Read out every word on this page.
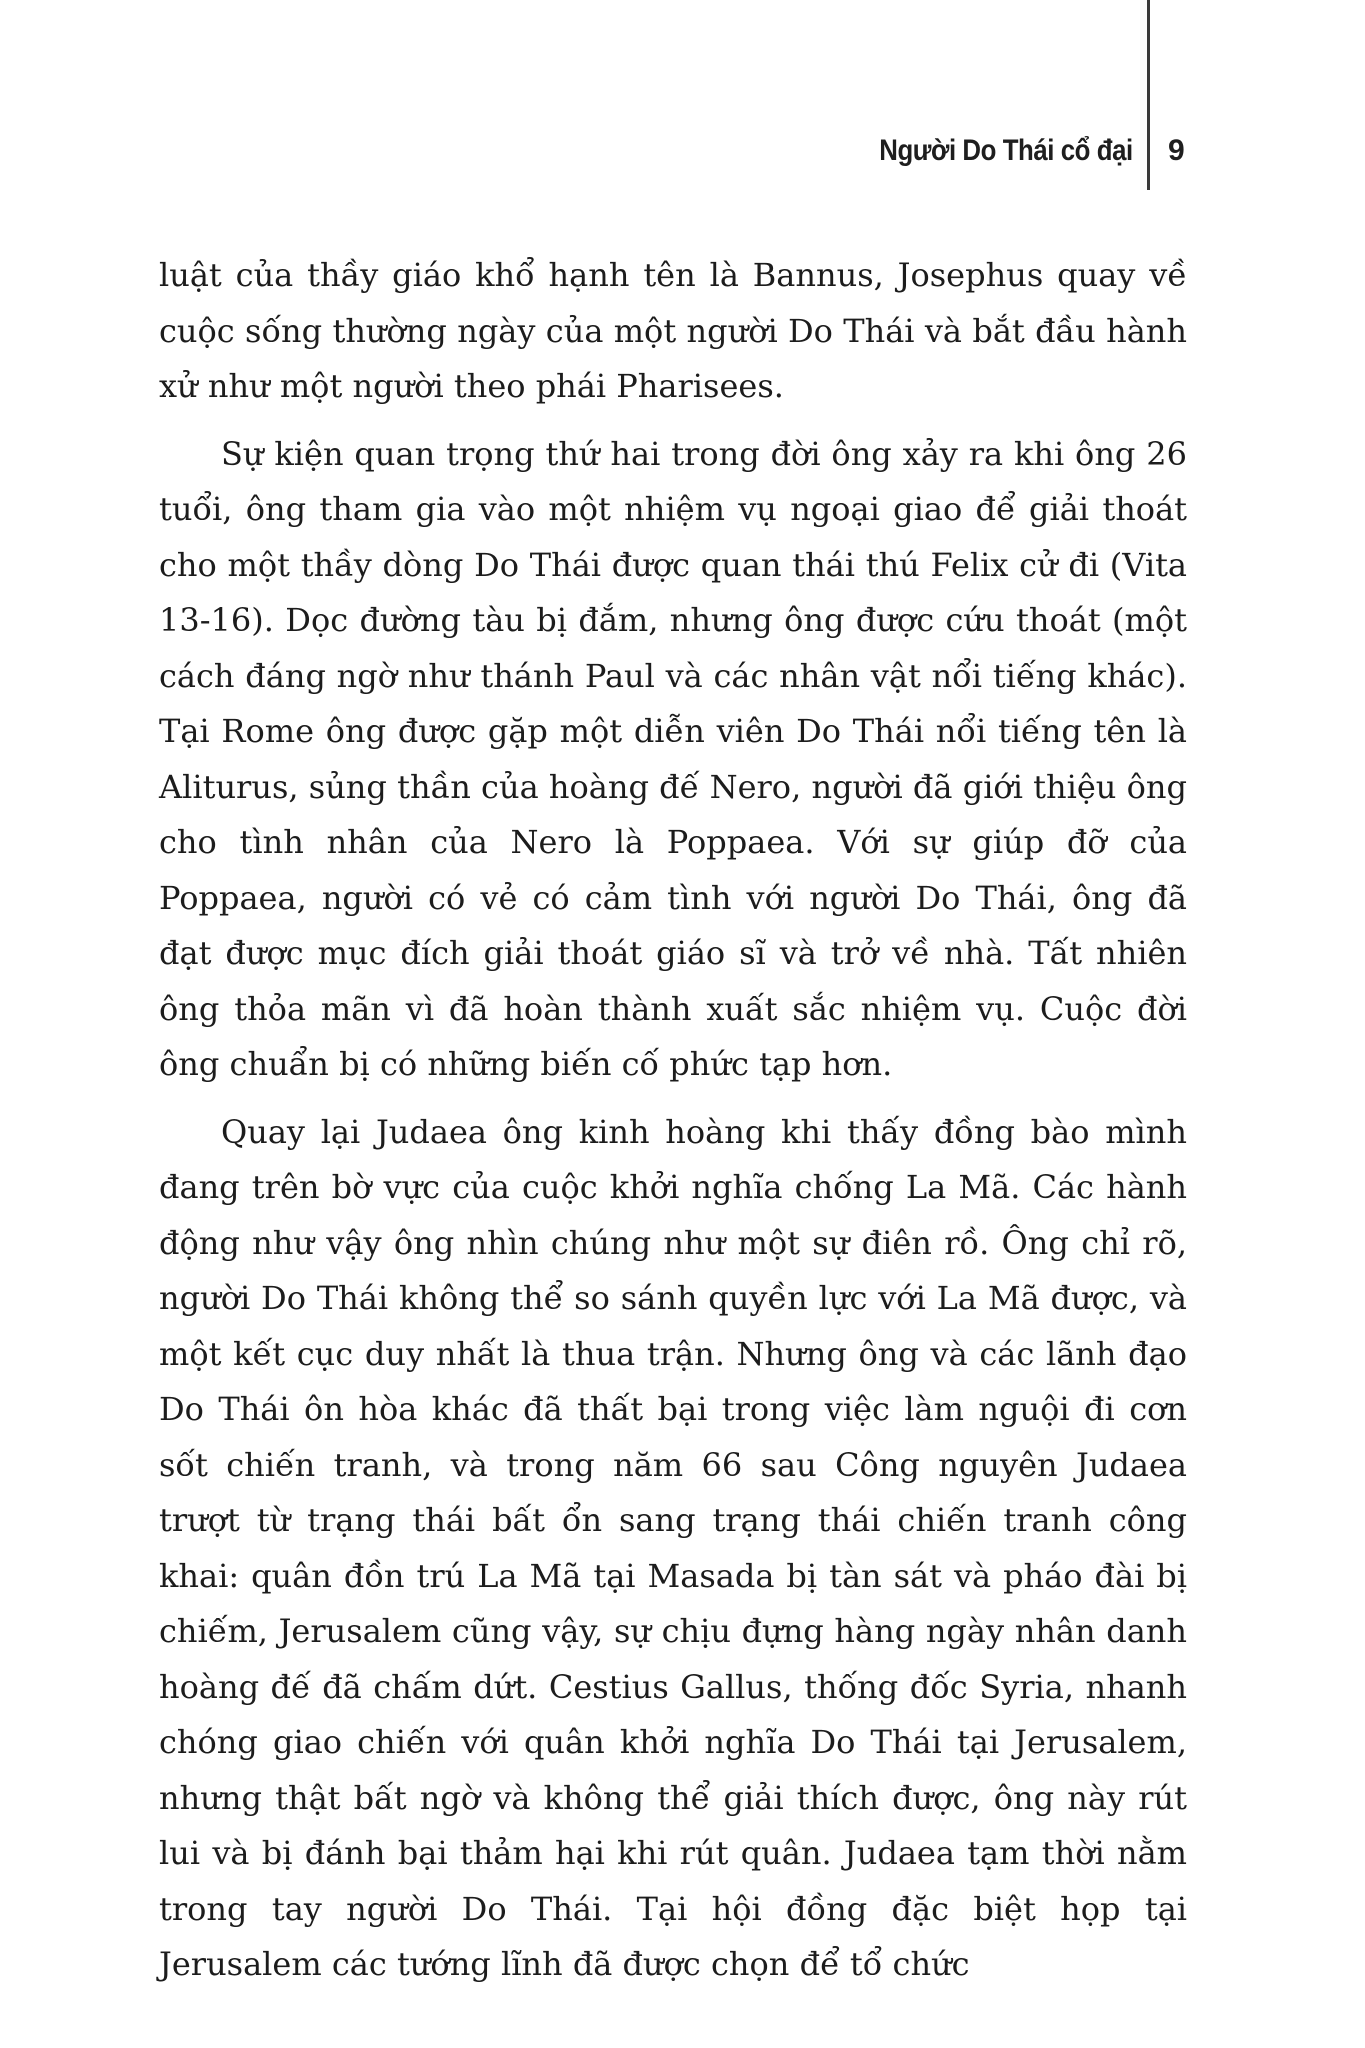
Người Do Thái cổ đại 9

luật của thầy giáo khổ hạnh tên là Bannus, Josephus quay về cuộc sống thường ngày của một người Do Thái và bắt đầu hành xử như một người theo phái Pharisees.

Sự kiện quan trọng thứ hai trong đời ông xảy ra khi ông 26 tuổi, ông tham gia vào một nhiệm vụ ngoại giao để giải thoát cho một thầy dòng Do Thái được quan thái thú Felix cử đi (Vita 13-16). Dọc đường tàu bị đắm, nhưng ông được cứu thoát (một cách đáng ngờ như thánh Paul và các nhân vật nổi tiếng khác). Tại Rome ông được gặp một diễn viên Do Thái nổi tiếng tên là Aliturus, sủng thần của hoàng đế Nero, người đã giới thiệu ông cho tình nhân của Nero là Poppaea. Với sự giúp đỡ của Poppaea, người có vẻ có cảm tình với người Do Thái, ông đã đạt được mục đích giải thoát giáo sĩ và trở về nhà. Tất nhiên ông thỏa mãn vì đã hoàn thành xuất sắc nhiệm vụ. Cuộc đời ông chuẩn bị có những biến cố phức tạp hơn.

Quay lại Judaea ông kinh hoàng khi thấy đồng bào mình đang trên bờ vực của cuộc khởi nghĩa chống La Mã. Các hành động như vậy ông nhìn chúng như một sự điên rồ. Ông chỉ rõ, người Do Thái không thể so sánh quyền lực với La Mã được, và một kết cục duy nhất là thua trận. Nhưng ông và các lãnh đạo Do Thái ôn hòa khác đã thất bại trong việc làm nguội đi cơn sốt chiến tranh, và trong năm 66 sau Công nguyên Judaea trượt từ trạng thái bất ổn sang trạng thái chiến tranh công khai: quân đồn trú La Mã tại Masada bị tàn sát và pháo đài bị chiếm, Jerusalem cũng vậy, sự chịu đựng hàng ngày nhân danh hoàng đế đã chấm dứt. Cestius Gallus, thống đốc Syria, nhanh chóng giao chiến với quân khởi nghĩa Do Thái tại Jerusalem, nhưng thật bất ngờ và không thể giải thích được, ông này rút lui và bị đánh bại thảm hại khi rút quân. Judaea tạm thời nằm trong tay người Do Thái. Tại hội đồng đặc biệt họp tại Jerusalem các tướng lĩnh đã được chọn để tổ chức
